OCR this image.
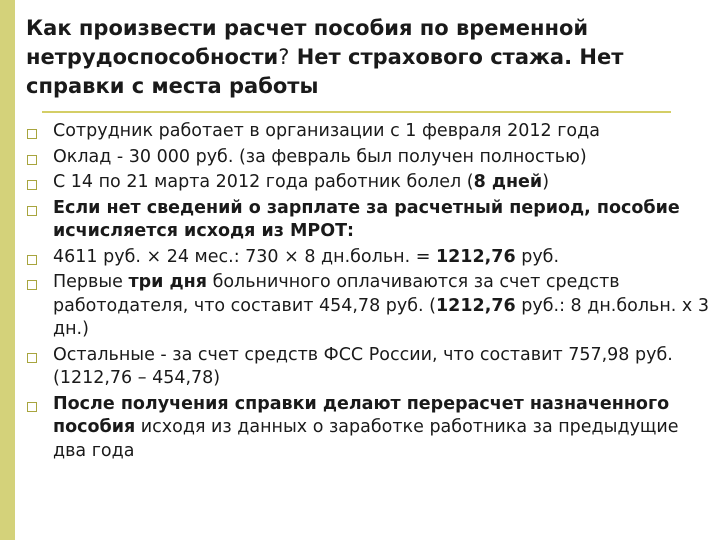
Как произвести расчет пособия по временной нетрудоспособности? Нет страхового стажа. Нет справки с места работы
Сотрудник работает в организации с 1 февраля 2012 года
Оклад - 30 000 руб. (за февраль был получен полностью)
С 14 по 21 марта 2012 года работник болел (8 дней)
Если нет сведений о зарплате за расчетный период, пособие исчисляется исходя из МРОТ:
4611 руб. × 24 мес.: 730 × 8 дн.больн. = 1212,76 руб.
Первые три дня больничного оплачиваются за счет средств работодателя, что составит 454,78 руб. (1212,76 руб.: 8 дн.больн. х 3 дн.)
Остальные - за счет средств ФСС России, что составит 757,98 руб. (1212,76 – 454,78)
После получения справки делают перерасчет назначенного пособия исходя из данных о заработке работника за предыдущие два года
